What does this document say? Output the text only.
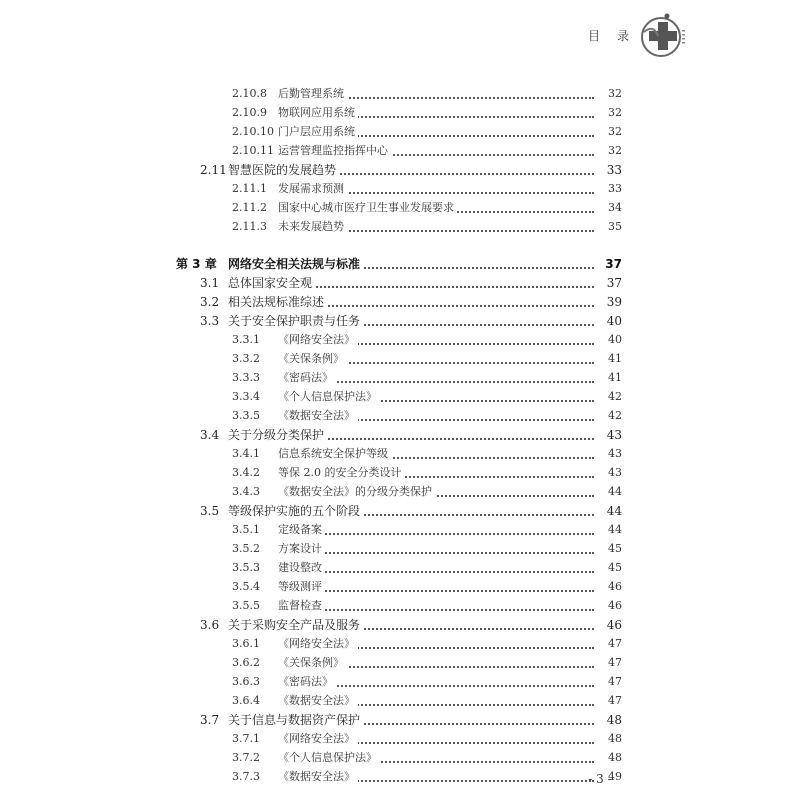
目 录
2.10.8 后勤管理系统	32
2.10.9 物联网应用系统	32
2.10.10 门户层应用系统	32
2.10.11 运营管理监控指挥中心	32
2.11 智慧医院的发展趋势	33
2.11.1 发展需求预测	33
2.11.2 国家中心城市医疗卫生事业发展要求	34
2.11.3 未来发展趋势	35
第 3 章 网络安全相关法规与标准	37
3.1 总体国家安全观	37
3.2 相关法规标准综述	39
3.3 关于安全保护职责与任务	40
3.3.1 《网络安全法》	40
3.3.2 《关保条例》	41
3.3.3 《密码法》	41
3.3.4 《个人信息保护法》	42
3.3.5 《数据安全法》	42
3.4 关于分级分类保护	43
3.4.1 信息系统安全保护等级	43
3.4.2 等保 2.0 的安全分类设计	43
3.4.3 《数据安全法》的分级分类保护	44
3.5 等级保护实施的五个阶段	44
3.5.1 定级备案	44
3.5.2 方案设计	45
3.5.3 建设整改	45
3.5.4 等级测评	46
3.5.5 监督检查	46
3.6 关于采购安全产品及服务	46
3.6.1 《网络安全法》	47
3.6.2 《关保条例》	47
3.6.3 《密码法》	47
3.6.4 《数据安全法》	47
3.7 关于信息与数据资产保护	48
3.7.1 《网络安全法》	48
3.7.2 《个人信息保护法》	48
3.7.3 《数据安全法》	49
- 3 -
